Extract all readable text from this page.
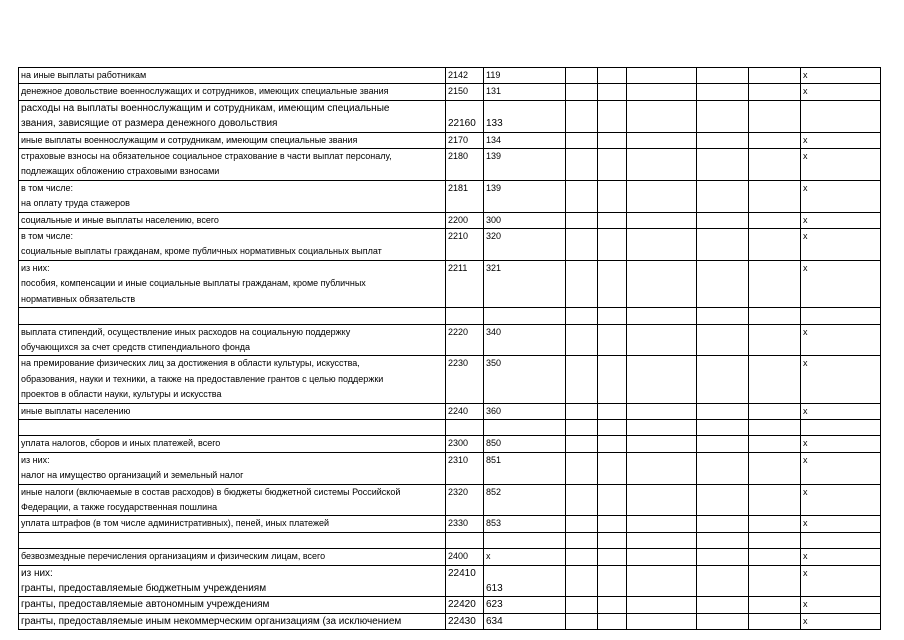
на иные выплаты работникам	2142	119						x

денежное довольствие военнослужащих и сотрудников, имеющих специальные звания	2150	131						x

расходы на выплаты военнослужащим и сотрудникам, имеющим специальные
звания, зависящие от размера денежного довольствия	22160	133						

иные выплаты военнослужащим и сотрудникам, имеющим специальные звания	2170	134						x

страховые взносы на обязательное социальное страхование в части выплат персоналу,
подлежащих обложению страховыми взносами	2180	139						x

в том числе:
на оплату труда стажеров	2181	139						x

социальные и иные выплаты населению, всего	2200	300						x

в том числе:
социальные выплаты гражданам, кроме публичных нормативных социальных выплат	2210	320						x

из них:
пособия, компенсации и иные социальные выплаты гражданам, кроме публичных
нормативных обязательств	2211	321						x

выплата стипендий, осуществление иных расходов на социальную поддержку
обучающихся за счет средств стипендиального фонда	2220	340						x

на премирование физических лиц за достижения в области культуры, искусства,
образования, науки и техники, а также на предоставление грантов с целью поддержки
проектов в области науки, культуры и искусства	2230	350						x

иные выплаты населению	2240	360						x

уплата налогов, сборов и иных платежей, всего	2300	850						x

из них:
налог на имущество организаций и земельный налог	2310	851						x

иные налоги (включаемые в состав расходов) в бюджеты бюджетной системы Российской
Федерации, а также государственная пошлина	2320	852						x

уплата штрафов (в том числе административных), пеней, иных платежей	2330	853						x

безвозмездные перечисления организациям и физическим лицам, всего	2400	x						x

из них:
гранты, предоставляемые бюджетным учреждениям	22410	613						x

гранты, предоставляемые автономным учреждениям	22420	623						x

гранты, предоставляемые иным некоммерческим организациям (за исключением	22430	634						x
